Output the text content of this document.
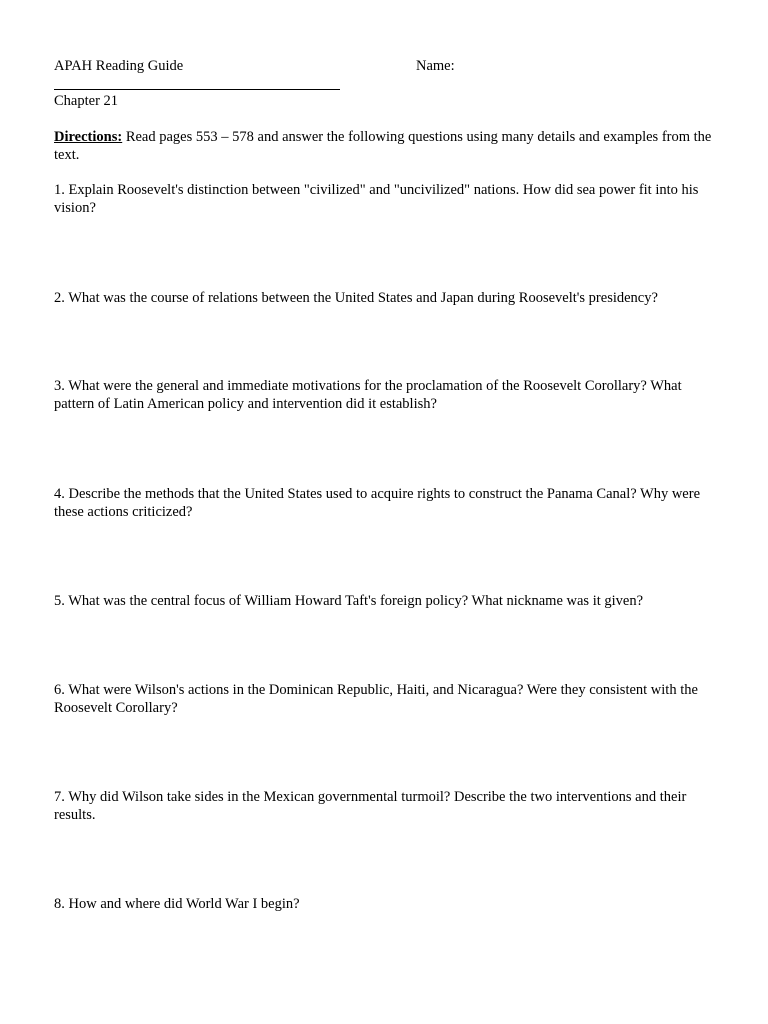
APAH Reading Guide	Name:
Chapter 21
Directions: Read pages 553 – 578 and answer the following questions using many details and examples from the text.
1. Explain Roosevelt's distinction between "civilized" and "uncivilized" nations. How did sea power fit into his vision?
2. What was the course of relations between the United States and Japan during Roosevelt's presidency?
3. What were the general and immediate motivations for the proclamation of the Roosevelt Corollary? What pattern of Latin American policy and intervention did it establish?
4. Describe the methods that the United States used to acquire rights to construct the Panama Canal? Why were these actions criticized?
5. What was the central focus of William Howard Taft's foreign policy? What nickname was it given?
6. What were Wilson's actions in the Dominican Republic, Haiti, and Nicaragua? Were they consistent with the Roosevelt Corollary?
7. Why did Wilson take sides in the Mexican governmental turmoil? Describe the two interventions and their results.
8. How and where did World War I begin?
